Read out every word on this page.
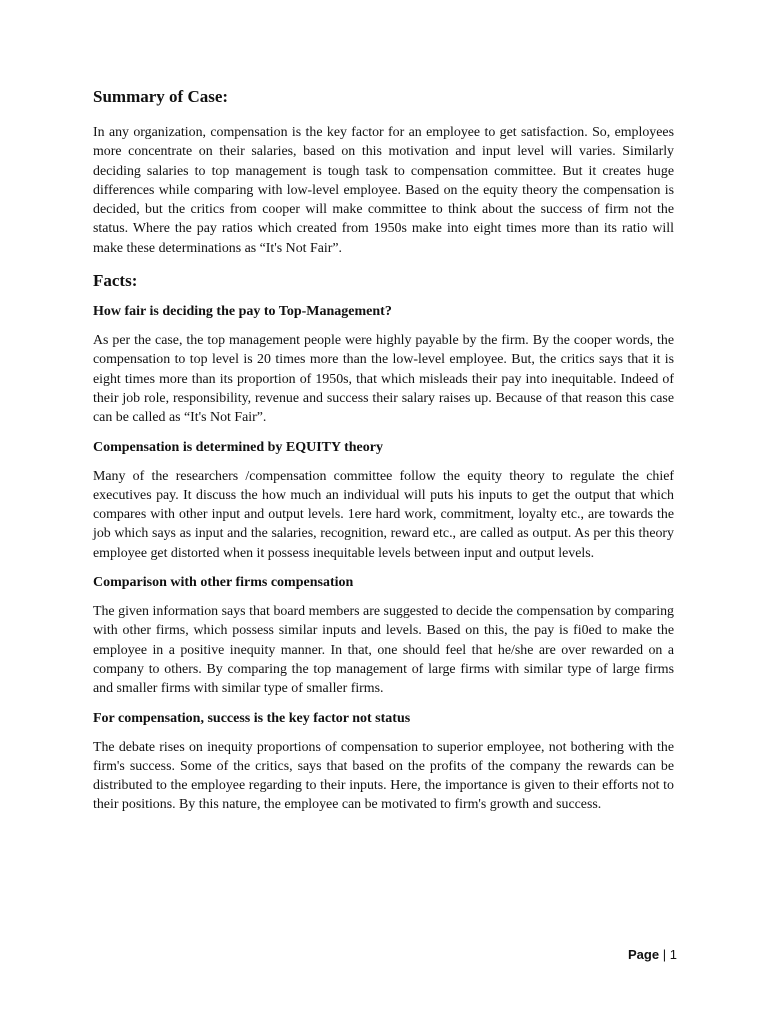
Summary of Case:

In any organization, compensation is the key factor for an employee to get satisfaction. So, employees more concentrate on their salaries, based on this motivation and input level will varies. Similarly deciding salaries to top management is tough task to compensation committee. But it creates huge differences while comparing with low-level employee. Based on the equity theory the compensation is decided, but the critics from cooper will make committee to think about the success of firm not the status. Where the pay ratios which created from 1950s make into eight times more than its ratio will make these determinations as “It's Not Fair”.

Facts:
How fair is deciding the pay to Top-Management?

As per the case, the top management people were highly payable by the firm. By the cooper words, the compensation to top level is 20 times more than the low-level employee. But, the critics says that it is eight times more than its proportion of 1950s, that which misleads their pay into inequitable. Indeed of their job role, responsibility, revenue and success their salary raises up. Because of that reason this case can be called as “It's Not Fair”.

Compensation is determined by EQUITY theory

Many of the researchers /compensation committee follow the equity theory to regulate the chief executives pay. It discuss the how much an individual will puts his inputs to get the output that which compares with other input and output levels. 1ere hard work, commitment, loyalty etc., are towards the job which says as input and the salaries, recognition, reward etc., are called as output. As per this theory employee get distorted when it possess inequitable levels between input and output levels.

Comparison with other firms compensation

The given information says that board members are suggested to decide the compensation by comparing with other firms, which possess similar inputs and levels. Based on this, the pay is fi0ed to make the employee in a positive inequity manner. In that, one should feel that he/she are over rewarded on a company to others. By comparing the top management of large firms with similar type of large firms and smaller firms with similar type of smaller firms.

For compensation, success is the key factor not status

The debate rises on inequity proportions of compensation to superior employee, not bothering with the firm's success. Some of the critics, says that based on the profits of the company the rewards can be distributed to the employee regarding to their inputs. Here, the importance is given to their efforts not to their positions. By this nature, the employee can be motivated to firm's growth and success.

Page | 1
